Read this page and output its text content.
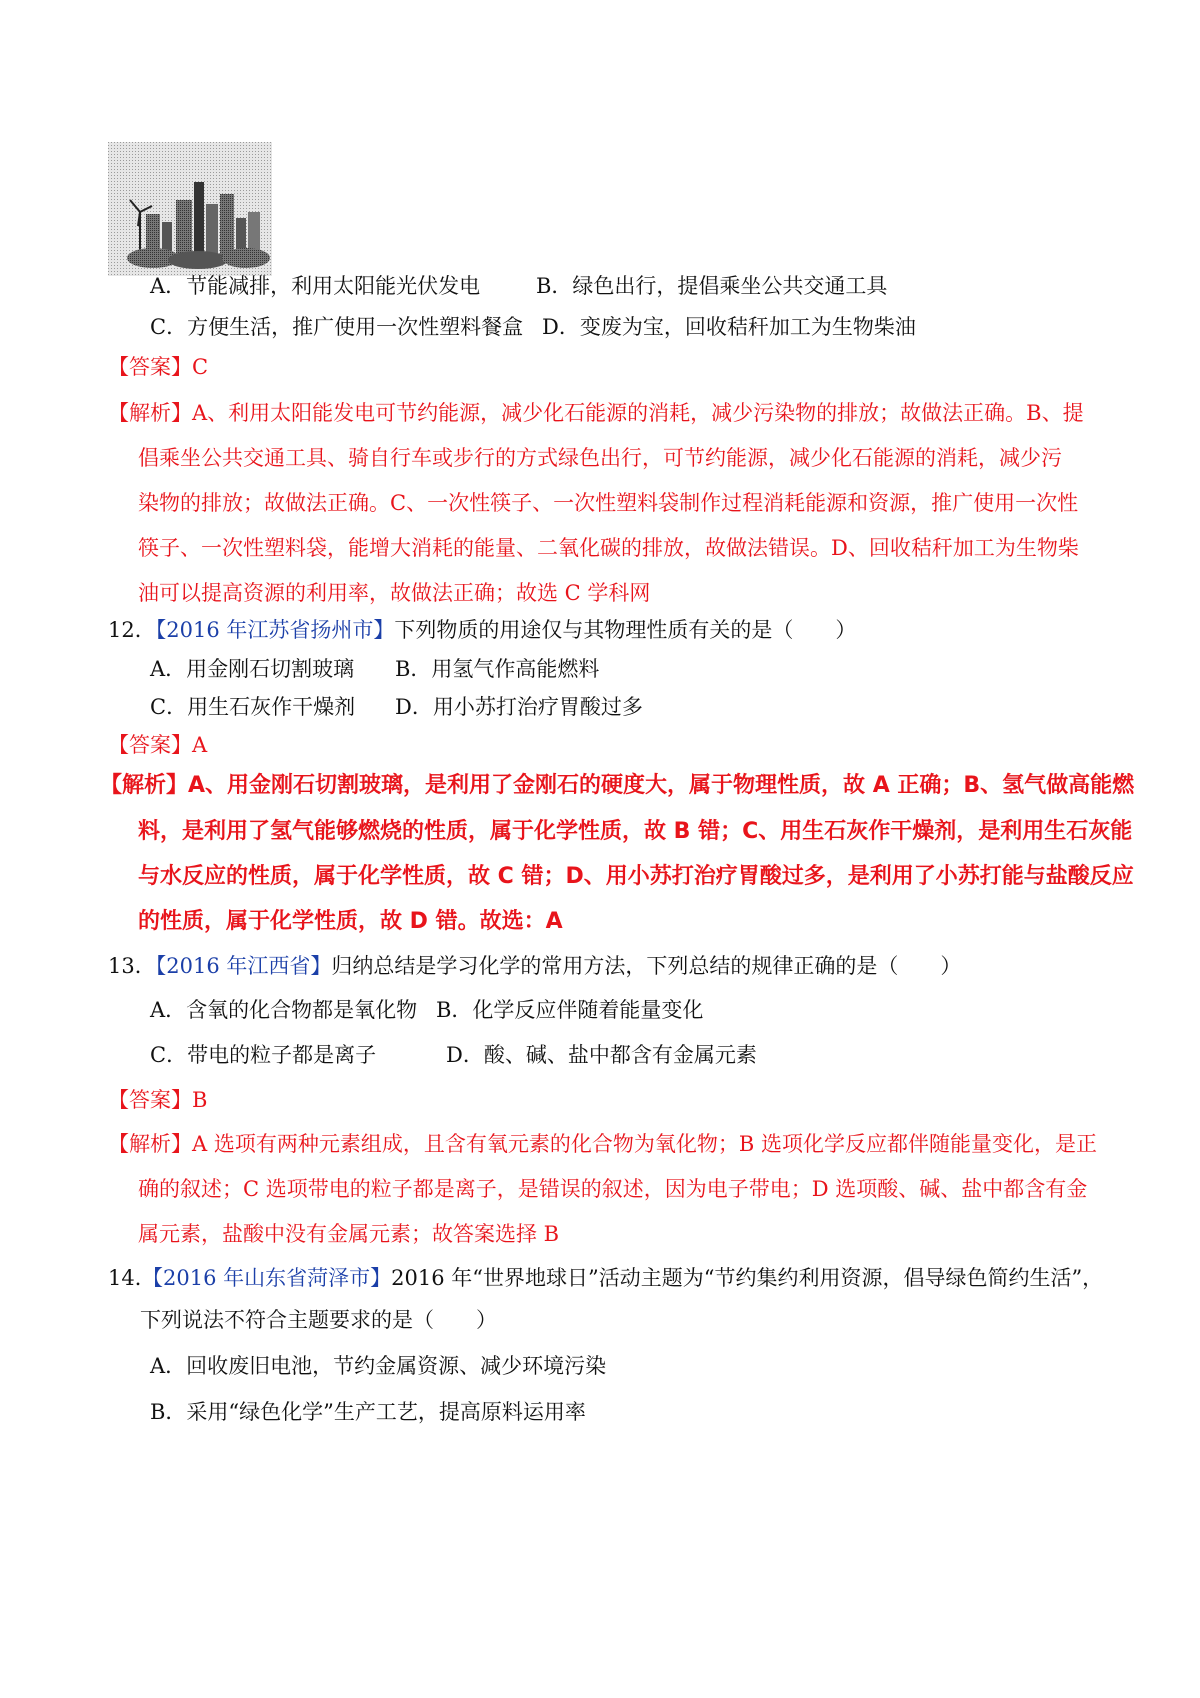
A．节能减排，利用太阳能光伏发电	B．绿色出行，提倡乘坐公共交通工具
C．方便生活，推广使用一次性塑料餐盒 D．变废为宝，回收秸秆加工为生物柴油
【答案】C
【解析】A、利用太阳能发电可节约能源，减少化石能源的消耗，减少污染物的排放；故做法正确。B、提
倡乘坐公共交通工具、骑自行车或步行的方式绿色出行，可节约能源，减少化石能源的消耗，减少污
染物的排放；故做法正确。C、一次性筷子、一次性塑料袋制作过程消耗能源和资源，推广使用一次性
筷子、一次性塑料袋，能增大消耗的能量、二氧化碳的排放，故做法错误。D、回收秸秆加工为生物柴
油可以提高资源的利用率，故做法正确；故选 C 学科网
12．【2016 年江苏省扬州市】下列物质的用途仅与其物理性质有关的是（　　）
A．用金刚石切割玻璃 B．用氢气作高能燃料
C．用生石灰作干燥剂 D．用小苏打治疗胃酸过多
【答案】A
【解析】A、用金刚石切割玻璃，是利用了金刚石的硬度大，属于物理性质，故 A 正确；B、氢气做高能燃
料，是利用了氢气能够燃烧的性质，属于化学性质，故 B 错；C、用生石灰作干燥剂，是利用生石灰能
与水反应的性质，属于化学性质，故 C 错；D、用小苏打治疗胃酸过多，是利用了小苏打能与盐酸反应
的性质，属于化学性质，故 D 错。故选：A
13．【2016 年江西省】归纳总结是学习化学的常用方法，下列总结的规律正确的是（　　）
A．含氧的化合物都是氧化物 B．化学反应伴随着能量变化
C．带电的粒子都是离子	D．酸、碱、盐中都含有金属元素
【答案】B
【解析】A 选项有两种元素组成，且含有氧元素的化合物为氧化物；B 选项化学反应都伴随能量变化，是正
确的叙述；C 选项带电的粒子都是离子，是错误的叙述，因为电子带电；D 选项酸、碱、盐中都含有金
属元素，盐酸中没有金属元素；故答案选择 B
14．【2016 年山东省菏泽市】2016 年“世界地球日”活动主题为“节约集约利用资源，倡导绿色简约生活”，
下列说法不符合主题要求的是（　　）
A．回收废旧电池，节约金属资源、减少环境污染
B．采用“绿色化学”生产工艺，提高原料运用率
